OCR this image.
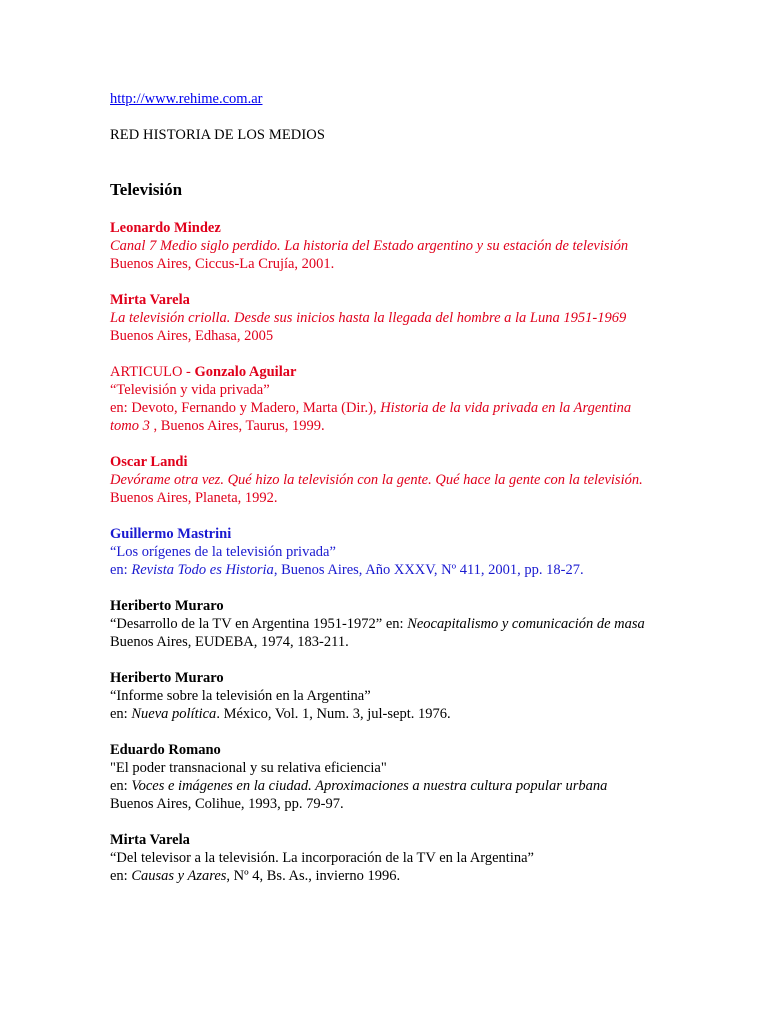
http://www.rehime.com.ar
RED HISTORIA DE LOS MEDIOS
Televisión
Leonardo Mindez
Canal 7 Medio siglo perdido. La historia del Estado argentino y su estación de televisión
Buenos Aires, Ciccus-La Crujía, 2001.
Mirta Varela
La televisión criolla. Desde sus inicios hasta la llegada del hombre a la Luna 1951-1969
Buenos Aires, Edhasa, 2005
ARTICULO - Gonzalo Aguilar
“Televisión y vida privada”
en: Devoto, Fernando y Madero, Marta (Dir.), Historia de la vida privada en la Argentina tomo 3 , Buenos Aires, Taurus, 1999.
Oscar Landi
Devórame otra vez. Qué hizo la televisión con la gente. Qué hace la gente con la televisión.
Buenos Aires, Planeta, 1992.
Guillermo Mastrini
“Los orígenes de la televisión privada”
en: Revista Todo es Historia, Buenos Aires, Año XXXV, Nº 411, 2001, pp. 18-27.
Heriberto Muraro
“Desarrollo de la TV en Argentina 1951-1972” en: Neocapitalismo y comunicación de masa
Buenos Aires, EUDEBA, 1974, 183-211.
Heriberto Muraro
“Informe sobre la televisión en la Argentina”
en: Nueva política. México, Vol. 1, Num. 3, jul-sept. 1976.
Eduardo Romano
"El poder transnacional y su relativa eficiencia"
en: Voces e imágenes en la ciudad. Aproximaciones a nuestra cultura popular urbana
Buenos Aires, Colihue, 1993, pp. 79-97.
Mirta Varela
“Del televisor a la televisión. La incorporación de la TV en la Argentina”
en: Causas y Azares, Nº 4, Bs. As., invierno 1996.
